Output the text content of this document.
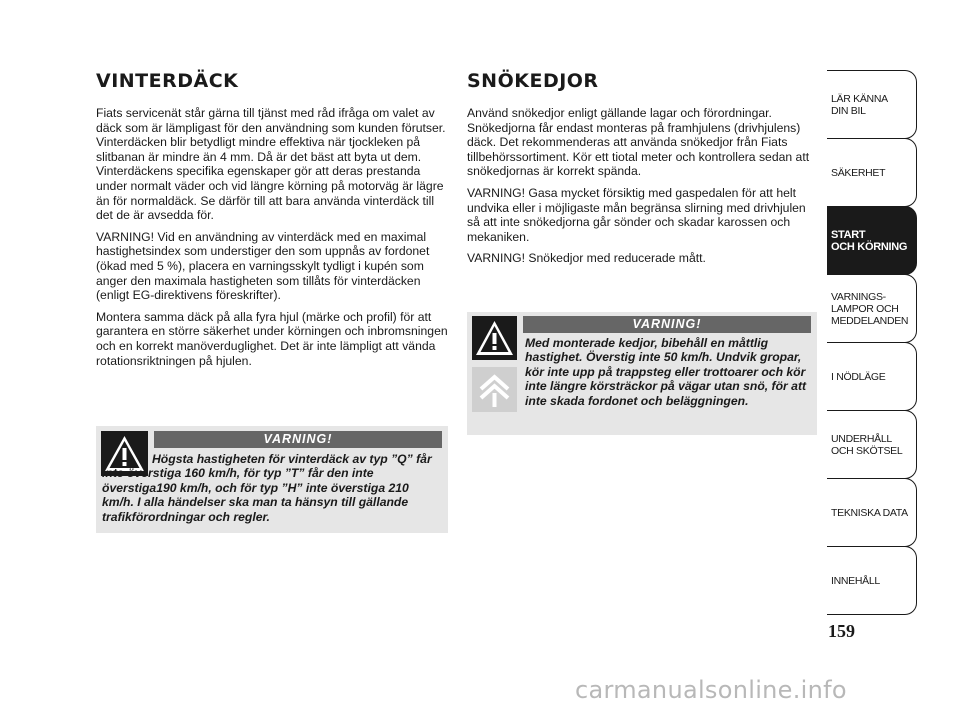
VINTERDÄCK

Fiats servicenät står gärna till tjänst med råd ifråga om valet av däck som är lämpligast för den användning som kunden förutser. Vinterdäcken blir betydligt mindre effektiva när tjockleken på slitbanan är mindre än 4 mm. Då är det bäst att byta ut dem. Vinterdäckens specifika egenskaper gör att deras prestanda under normalt väder och vid längre körning på motorväg är lägre än för normaldäck. Se därför till att bara använda vinterdäck till det de är avsedda för.

VARNING! Vid en användning av vinterdäck med en maximal hastighetsindex som understiger den som uppnås av fordonet (ökad med 5 %), placera en varningsskylt tydligt i kupén som anger den maximala hastigheten som tillåts för vinterdäcken (enligt EG-direktivens föreskrifter).

Montera samma däck på alla fyra hjul (märke och profil) för att garantera en större säkerhet under körningen och inbromsningen och en korrekt manöverduglighet. Det är inte lämpligt att vända rotationsriktningen på hjulen.

VARNING!
Högsta hastigheten för vinterdäck av typ ”Q” får inte överstiga 160 km/h, för typ ”T” får den inte överstiga190 km/h, och för typ ”H” inte överstiga 210 km/h. I alla händelser ska man ta hänsyn till gällande trafikförordningar och regler.
SNÖKEDJOR

Använd snökedjor enligt gällande lagar och förordningar. Snökedjorna får endast monteras på framhjulens (drivhjulens) däck. Det rekommenderas att använda snökedjor från Fiats tillbehörssortiment. Kör ett tiotal meter och kontrollera sedan att snökedjornas är korrekt spända.

VARNING! Gasa mycket försiktig med gaspedalen för att helt undvika eller i möjligaste mån begränsa slirning med drivhjulen så att inte snökedjorna går sönder och skadar karossen och mekaniken.

VARNING! Snökedjor med reducerade mått.

VARNING!
Med monterade kedjor, bibehåll en måttlig hastighet. Överstig inte 50 km/h. Undvik gropar, kör inte upp på trappsteg eller trottoarer och kör inte längre körsträckor på vägar utan snö, för att inte skada fordonet och beläggningen.
LÄR KÄNNA
DIN BIL
SÄKERHET
START
OCH KÖRNING
VARNINGS-
LAMPOR OCH
MEDDELANDEN
I NÖDLÄGE
UNDERHÅLL
OCH SKÖTSEL
TEKNISKA DATA
INNEHÅLL
159
carmanualsonline.info
